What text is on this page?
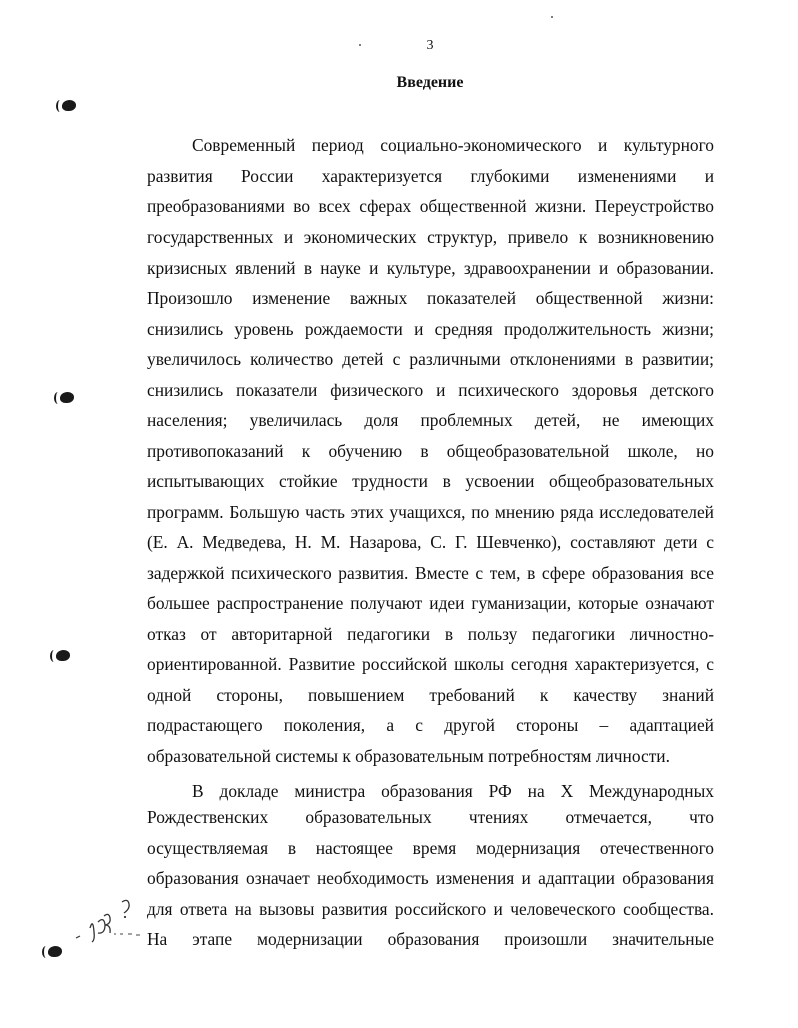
3
Введение
Современный период социально-экономического и культурного
развития России характеризуется глубокими изменениями и
преобразованиями во всех сферах общественной жизни. Переустройство
государственных и экономических структур, привело к возникновению
кризисных явлений в науке и культуре, здравоохранении и образовании.
Произошло изменение важных показателей общественной жизни:
снизились уровень рождаемости и средняя продолжительность жизни;
увеличилось количество детей с различными отклонениями в развитии;
снизились показатели физического и психического здоровья детского
населения; увеличилась доля проблемных детей, не имеющих
противопоказаний к обучению в общеобразовательной школе, но
испытывающих стойкие трудности в усвоении общеобразовательных
программ. Большую часть этих учащихся, по мнению ряда исследователей
(Е. А. Медведева, Н. М. Назарова, С. Г. Шевченко), составляют дети с
задержкой психического развития. Вместе с тем, в сфере образования все
большее распространение получают идеи гуманизации, которые означают
отказ от авторитарной педагогики в пользу педагогики личностно-
ориентированной. Развитие российской школы сегодня характеризуется, с
одной стороны, повышением требований к качеству знаний
подрастающего поколения, а с другой стороны – адаптацией
образовательной системы к образовательным потребностям личности.
В докладе министра образования РФ на X Международных
Рождественских образовательных чтениях отмечается, что
осуществляемая в настоящее время модернизация отечественного
образования означает необходимость изменения и адаптации образования
для ответа на вызовы развития российского и человеческого сообщества.
На этапе модернизации образования произошли значительные
